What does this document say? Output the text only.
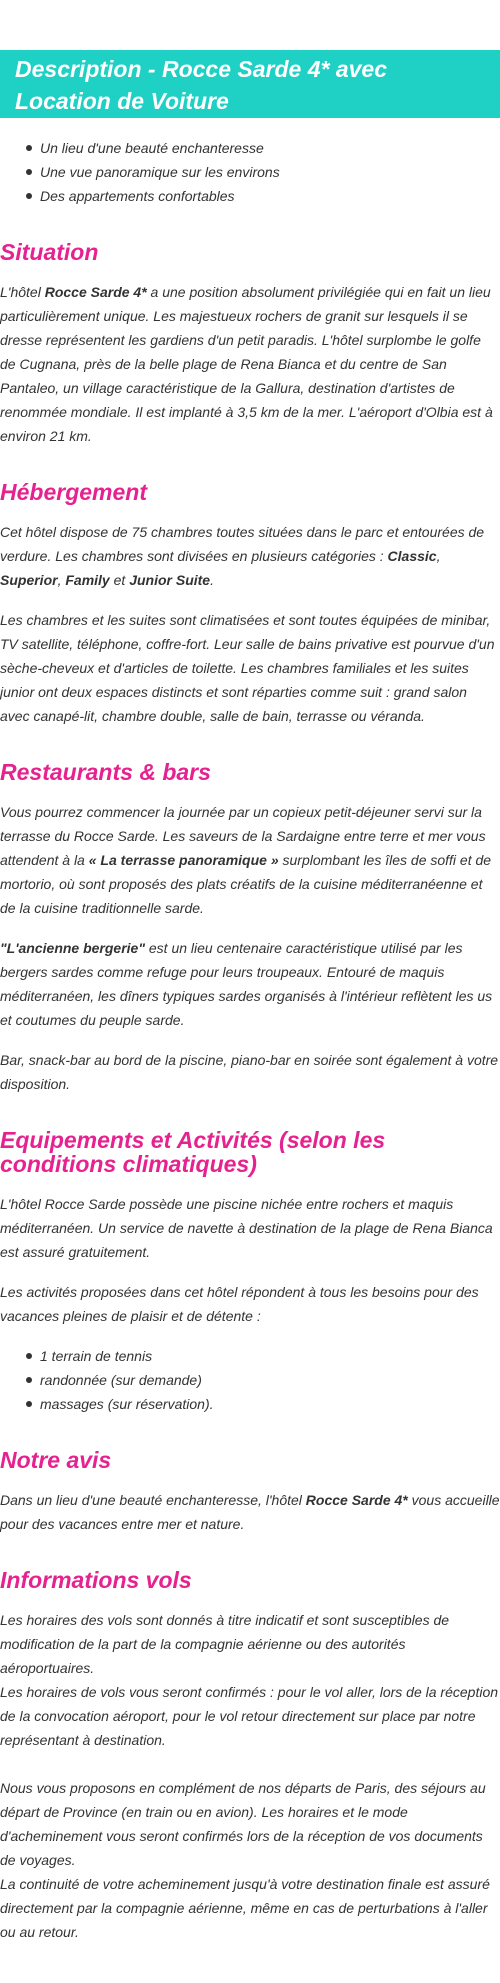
Description - Rocce Sarde 4* avec Location de Voiture
Un lieu d'une beauté enchanteresse
Une vue panoramique sur les environs
Des appartements confortables
Situation

L'hôtel Rocce Sarde 4* a une position absolument privilégiée qui en fait un lieu particulièrement unique. Les majestueux rochers de granit sur lesquels il se dresse représentent les gardiens d'un petit paradis. L'hôtel surplombe le golfe de Cugnana, près de la belle plage de Rena Bianca et du centre de San Pantaleo, un village caractéristique de la Gallura, destination d'artistes de renommée mondiale. Il est implanté à 3,5 km de la mer. L'aéroport d'Olbia est à environ 21 km.

Hébergement

Cet hôtel dispose de 75 chambres toutes situées dans le parc et entourées de verdure. Les chambres sont divisées en plusieurs catégories : Classic, Superior, Family et Junior Suite.

Les chambres et les suites sont climatisées et sont toutes équipées de minibar, TV satellite, téléphone, coffre-fort. Leur salle de bains privative est pourvue d'un sèche-cheveux et d'articles de toilette. Les chambres familiales et les suites junior ont deux espaces distincts et sont réparties comme suit : grand salon avec canapé-lit, chambre double, salle de bain, terrasse ou véranda.

Restaurants & bars

Vous pourrez commencer la journée par un copieux petit-déjeuner servi sur la terrasse du Rocce Sarde. Les saveurs de la Sardaigne entre terre et mer vous attendent à la « La terrasse panoramique » surplombant les îles de soffi et de mortorio, où sont proposés des plats créatifs de la cuisine méditerranéenne et de la cuisine traditionnelle sarde.

"L'ancienne bergerie" est un lieu centenaire caractéristique utilisé par les bergers sardes comme refuge pour leurs troupeaux. Entouré de maquis méditerranéen, les dîners typiques sardes organisés à l'intérieur reflètent les us et coutumes du peuple sarde.

Bar, snack-bar au bord de la piscine, piano-bar en soirée sont également à votre disposition.

Equipements et Activités (selon les conditions climatiques)

L'hôtel Rocce Sarde possède une piscine nichée entre rochers et maquis méditerranéen. Un service de navette à destination de la plage de Rena Bianca est assuré gratuitement.

Les activités proposées dans cet hôtel répondent à tous les besoins pour des vacances pleines de plaisir et de détente :

1 terrain de tennis
randonnée (sur demande)
massages (sur réservation).
Notre avis

Dans un lieu d'une beauté enchanteresse, l'hôtel Rocce Sarde 4* vous accueille pour des vacances entre mer et nature.

Informations vols

Les horaires des vols sont donnés à titre indicatif et sont susceptibles de modification de la part de la compagnie aérienne ou des autorités aéroportuaires.

Les horaires de vols vous seront confirmés : pour le vol aller, lors de la réception de la convocation aéroport, pour le vol retour directement sur place par notre représentant à destination.

Nous vous proposons en complément de nos départs de Paris, des séjours au départ de Province (en train ou en avion). Les horaires et le mode d'acheminement vous seront confirmés lors de la réception de vos documents de voyages.

La continuité de votre acheminement jusqu'à votre destination finale est assuré directement par la compagnie aérienne, même en cas de perturbations à l'aller ou au retour.
